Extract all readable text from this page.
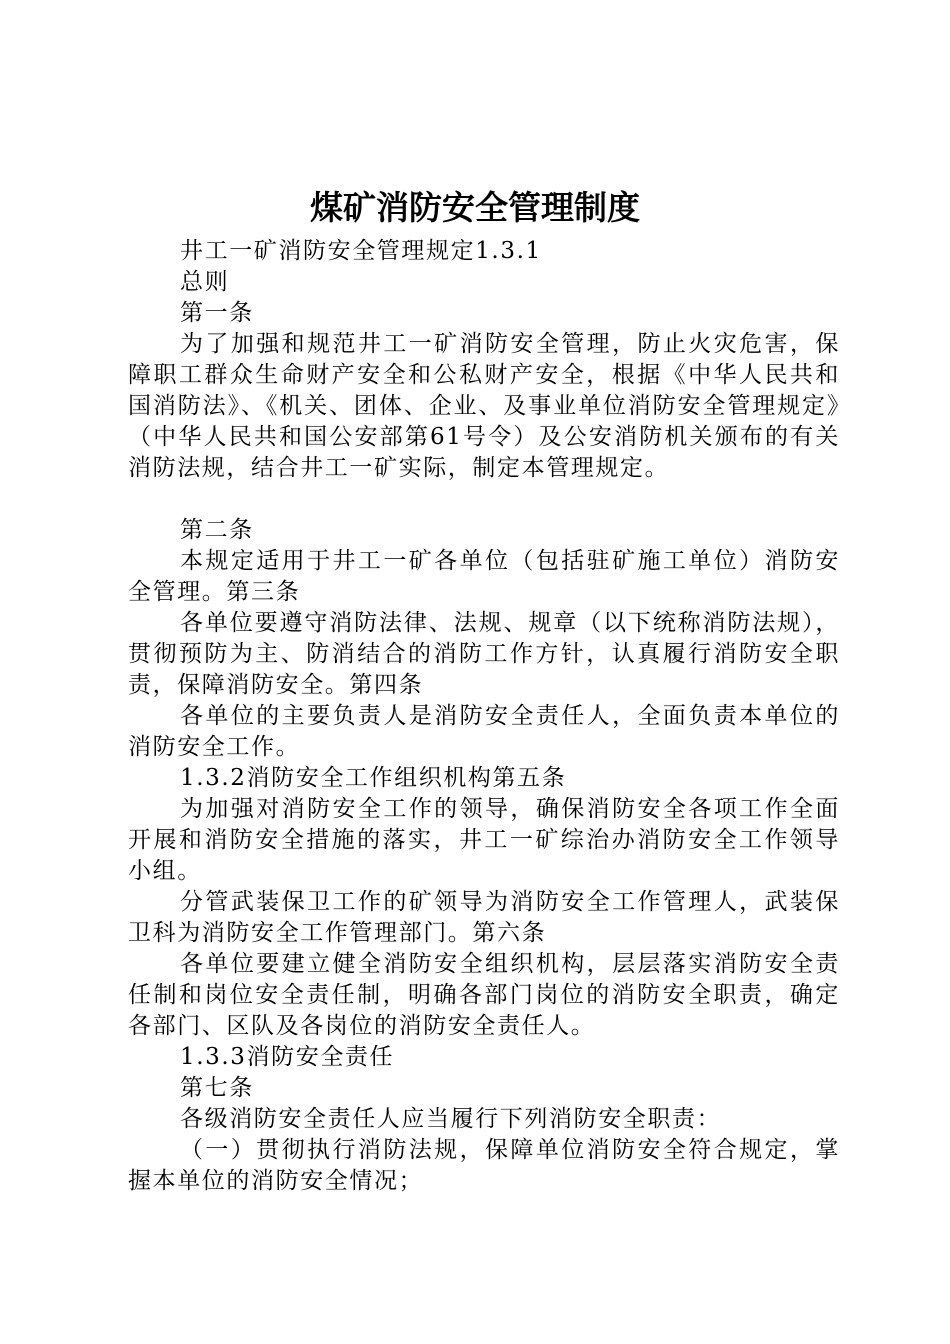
煤矿消防安全管理制度

井工一矿消防安全管理规定1.3.1

总则

第一条

为了加强和规范井工一矿消防安全管理，防止火灾危害，保障职工群众生命财产安全和公私财产安全，根据《中华人民共和国消防法》、《机关、团体、企业、及事业单位消防安全管理规定》（中华人民共和国公安部第61号令）及公安消防机关颁布的有关消防法规，结合井工一矿实际，制定本管理规定。

第二条

本规定适用于井工一矿各单位（包括驻矿施工单位）消防安全管理。第三条

各单位要遵守消防法律、法规、规章（以下统称消防法规），贯彻预防为主、防消结合的消防工作方针，认真履行消防安全职责，保障消防安全。第四条

各单位的主要负责人是消防安全责任人，全面负责本单位的消防安全工作。

1.3.2消防安全工作组织机构第五条

为加强对消防安全工作的领导，确保消防安全各项工作全面开展和消防安全措施的落实，井工一矿综治办消防安全工作领导小组。

分管武装保卫工作的矿领导为消防安全工作管理人，武装保卫科为消防安全工作管理部门。第六条

各单位要建立健全消防安全组织机构，层层落实消防安全责任制和岗位安全责任制，明确各部门岗位的消防安全职责，确定各部门、区队及各岗位的消防安全责任人。

1.3.3消防安全责任

第七条

各级消防安全责任人应当履行下列消防安全职责：

（一）贯彻执行消防法规，保障单位消防安全符合规定，掌握本单位的消防安全情况；
